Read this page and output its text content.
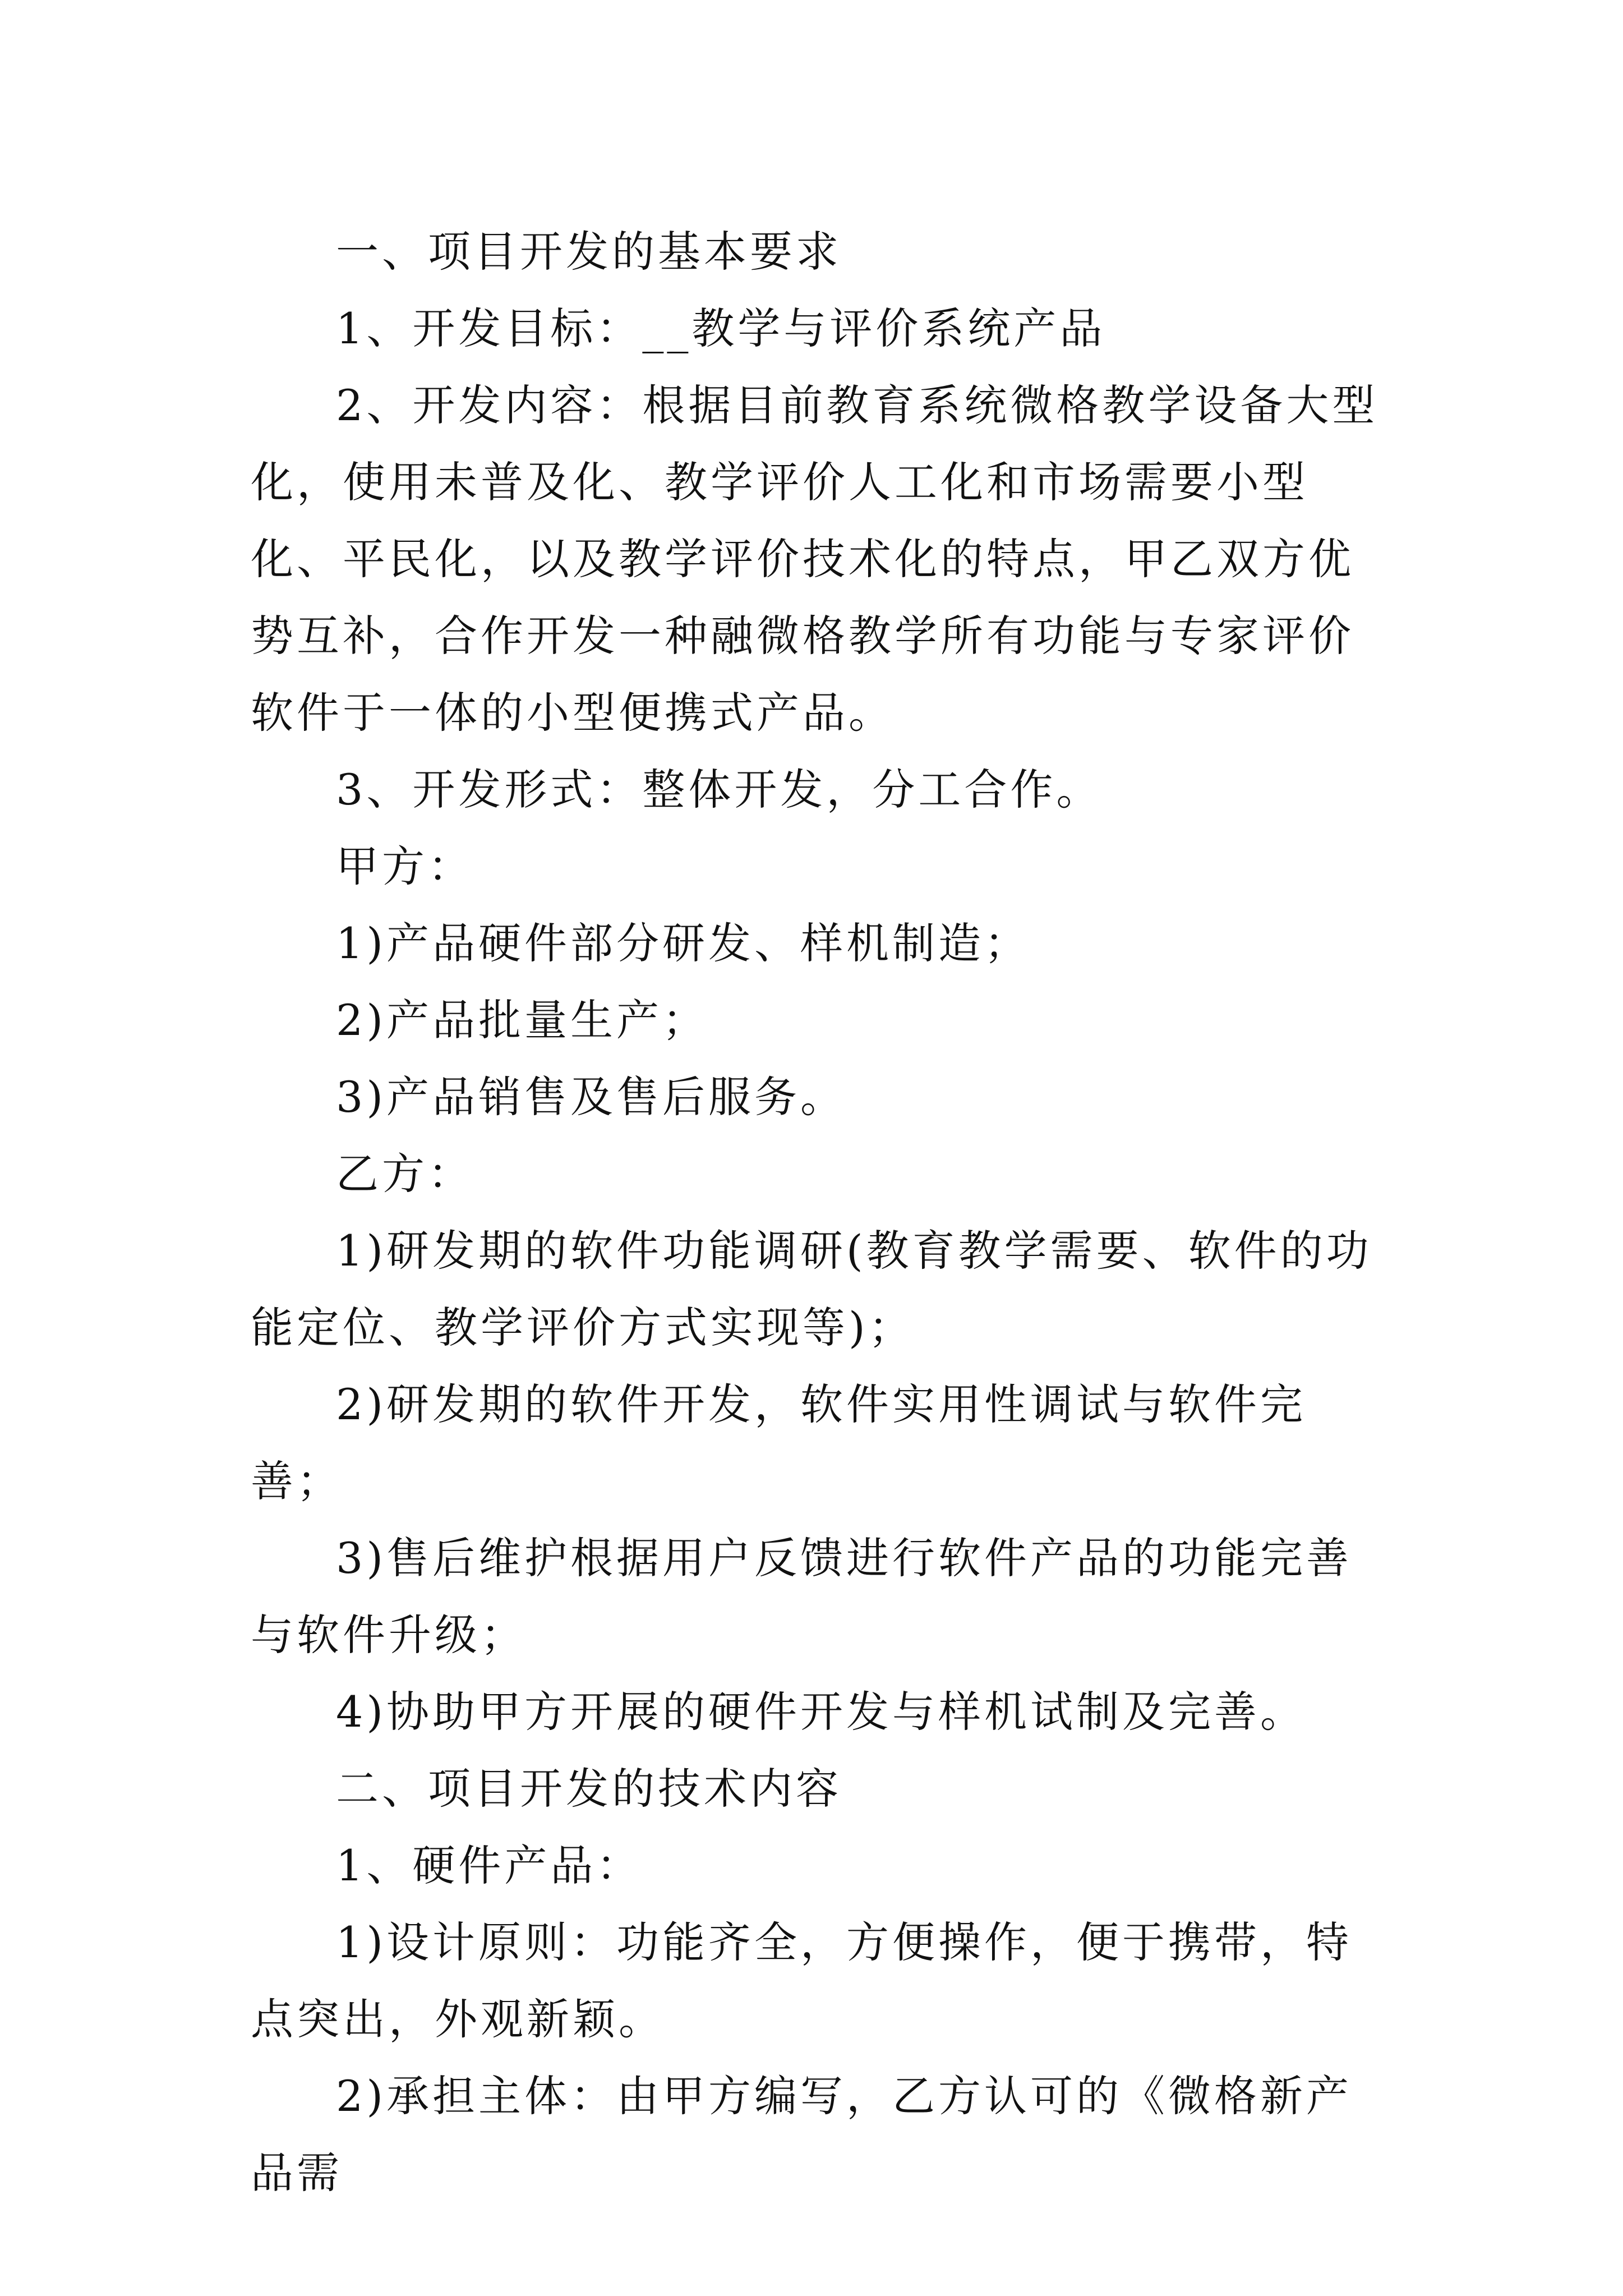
一、项目开发的基本要求

1、开发目标：__教学与评价系统产品

2、开发内容：根据目前教育系统微格教学设备大型化，使用未普及化、教学评价人工化和市场需要小型化、平民化，以及教学评价技术化的特点，甲乙双方优势互补，合作开发一种融微格教学所有功能与专家评价软件于一体的小型便携式产品。

3、开发形式：整体开发，分工合作。

甲方：

1)产品硬件部分研发、样机制造；

2)产品批量生产；

3)产品销售及售后服务。

乙方：

1)研发期的软件功能调研(教育教学需要、软件的功能定位、教学评价方式实现等)；

2)研发期的软件开发，软件实用性调试与软件完善；

3)售后维护根据用户反馈进行软件产品的功能完善与软件升级；

4)协助甲方开展的硬件开发与样机试制及完善。

二、项目开发的技术内容

1、硬件产品：

1)设计原则：功能齐全，方便操作，便于携带，特点突出，外观新颖。

2)承担主体：由甲方编写，乙方认可的《微格新产品需
